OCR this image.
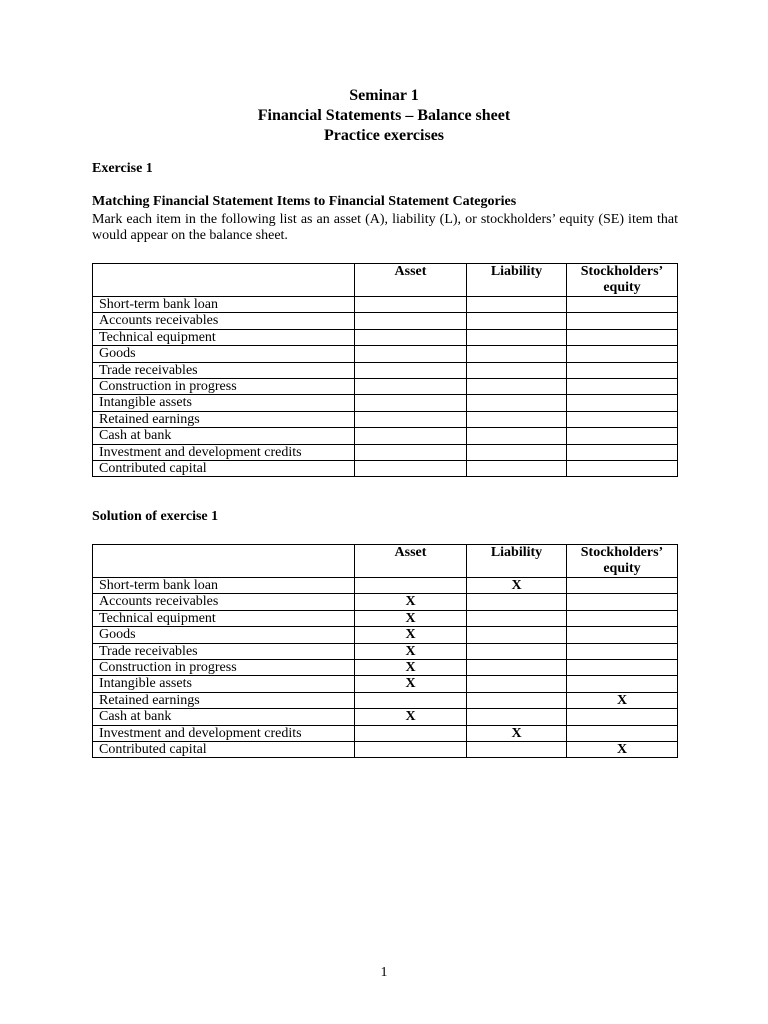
Seminar 1
Financial Statements – Balance sheet
Practice exercises
Exercise 1
Matching Financial Statement Items to Financial Statement Categories
Mark each item in the following list as an asset (A), liability (L), or stockholders’ equity (SE) item that would appear on the balance sheet.
	Asset	Liability	Stockholders’ equity
Short-term bank loan			
Accounts receivables			
Technical equipment			
Goods			
Trade receivables			
Construction in progress			
Intangible assets			
Retained earnings			
Cash at bank			
Investment and development credits			
Contributed capital			
Solution of exercise 1
	Asset	Liability	Stockholders’ equity
Short-term bank loan		X	
Accounts receivables	X		
Technical equipment	X		
Goods	X		
Trade receivables	X		
Construction in progress	X		
Intangible assets	X		
Retained earnings			X
Cash at bank	X		
Investment and development credits		X	
Contributed capital			X
1
